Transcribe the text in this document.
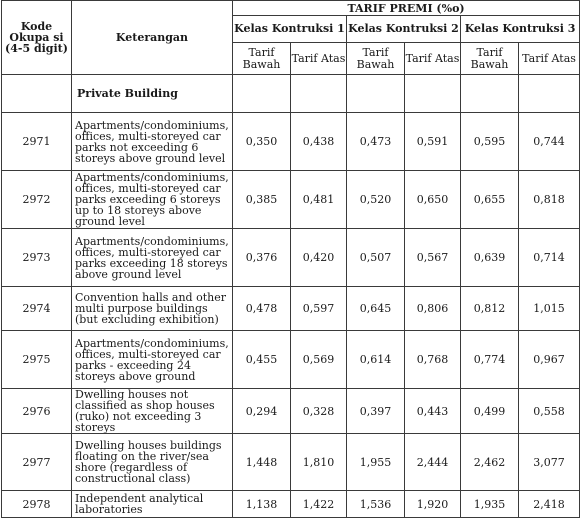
Kode Okupa si (4-5 digit)	Keterangan	TARIF PREMI (%o)					
		Kelas Kontruksi 1		Kelas Kontruksi 2		Kelas Kontruksi 3	
		Tarif Bawah	Tarif Atas	Tarif Bawah	Tarif Atas	Tarif Bawah	Tarif Atas
	Private Building						
2971	Apartments/condominiums, offices, multi-storeyed car parks not exceeding 6 storeys above ground level	0,350	0,438	0,473	0,591	0,595	0,744
2972	Apartments/condominiums, offices, multi-storeyed car parks exceeding 6 storeys up to 18 storeys above ground level	0,385	0,481	0,520	0,650	0,655	0,818
2973	Apartments/condominiums, offices, multi-storeyed car parks exceeding 18 storeys above ground level	0,376	0,420	0,507	0,567	0,639	0,714
2974	Convention halls and other multi purpose buildings (but excluding exhibition)	0,478	0,597	0,645	0,806	0,812	1,015
2975	Apartments/condominiums, offices, multi-storeyed car parks - exceeding 24 storeys above ground	0,455	0,569	0,614	0,768	0,774	0,967
2976	Dwelling houses not classified as shop houses (ruko) not exceeding 3 storeys	0,294	0,328	0,397	0,443	0,499	0,558
2977	Dwelling houses buildings floating on the river/sea shore (regardless of constructional class)	1,448	1,810	1,955	2,444	2,462	3,077
2978	Independent analytical laboratories	1,138	1,422	1,536	1,920	1,935	2,418
